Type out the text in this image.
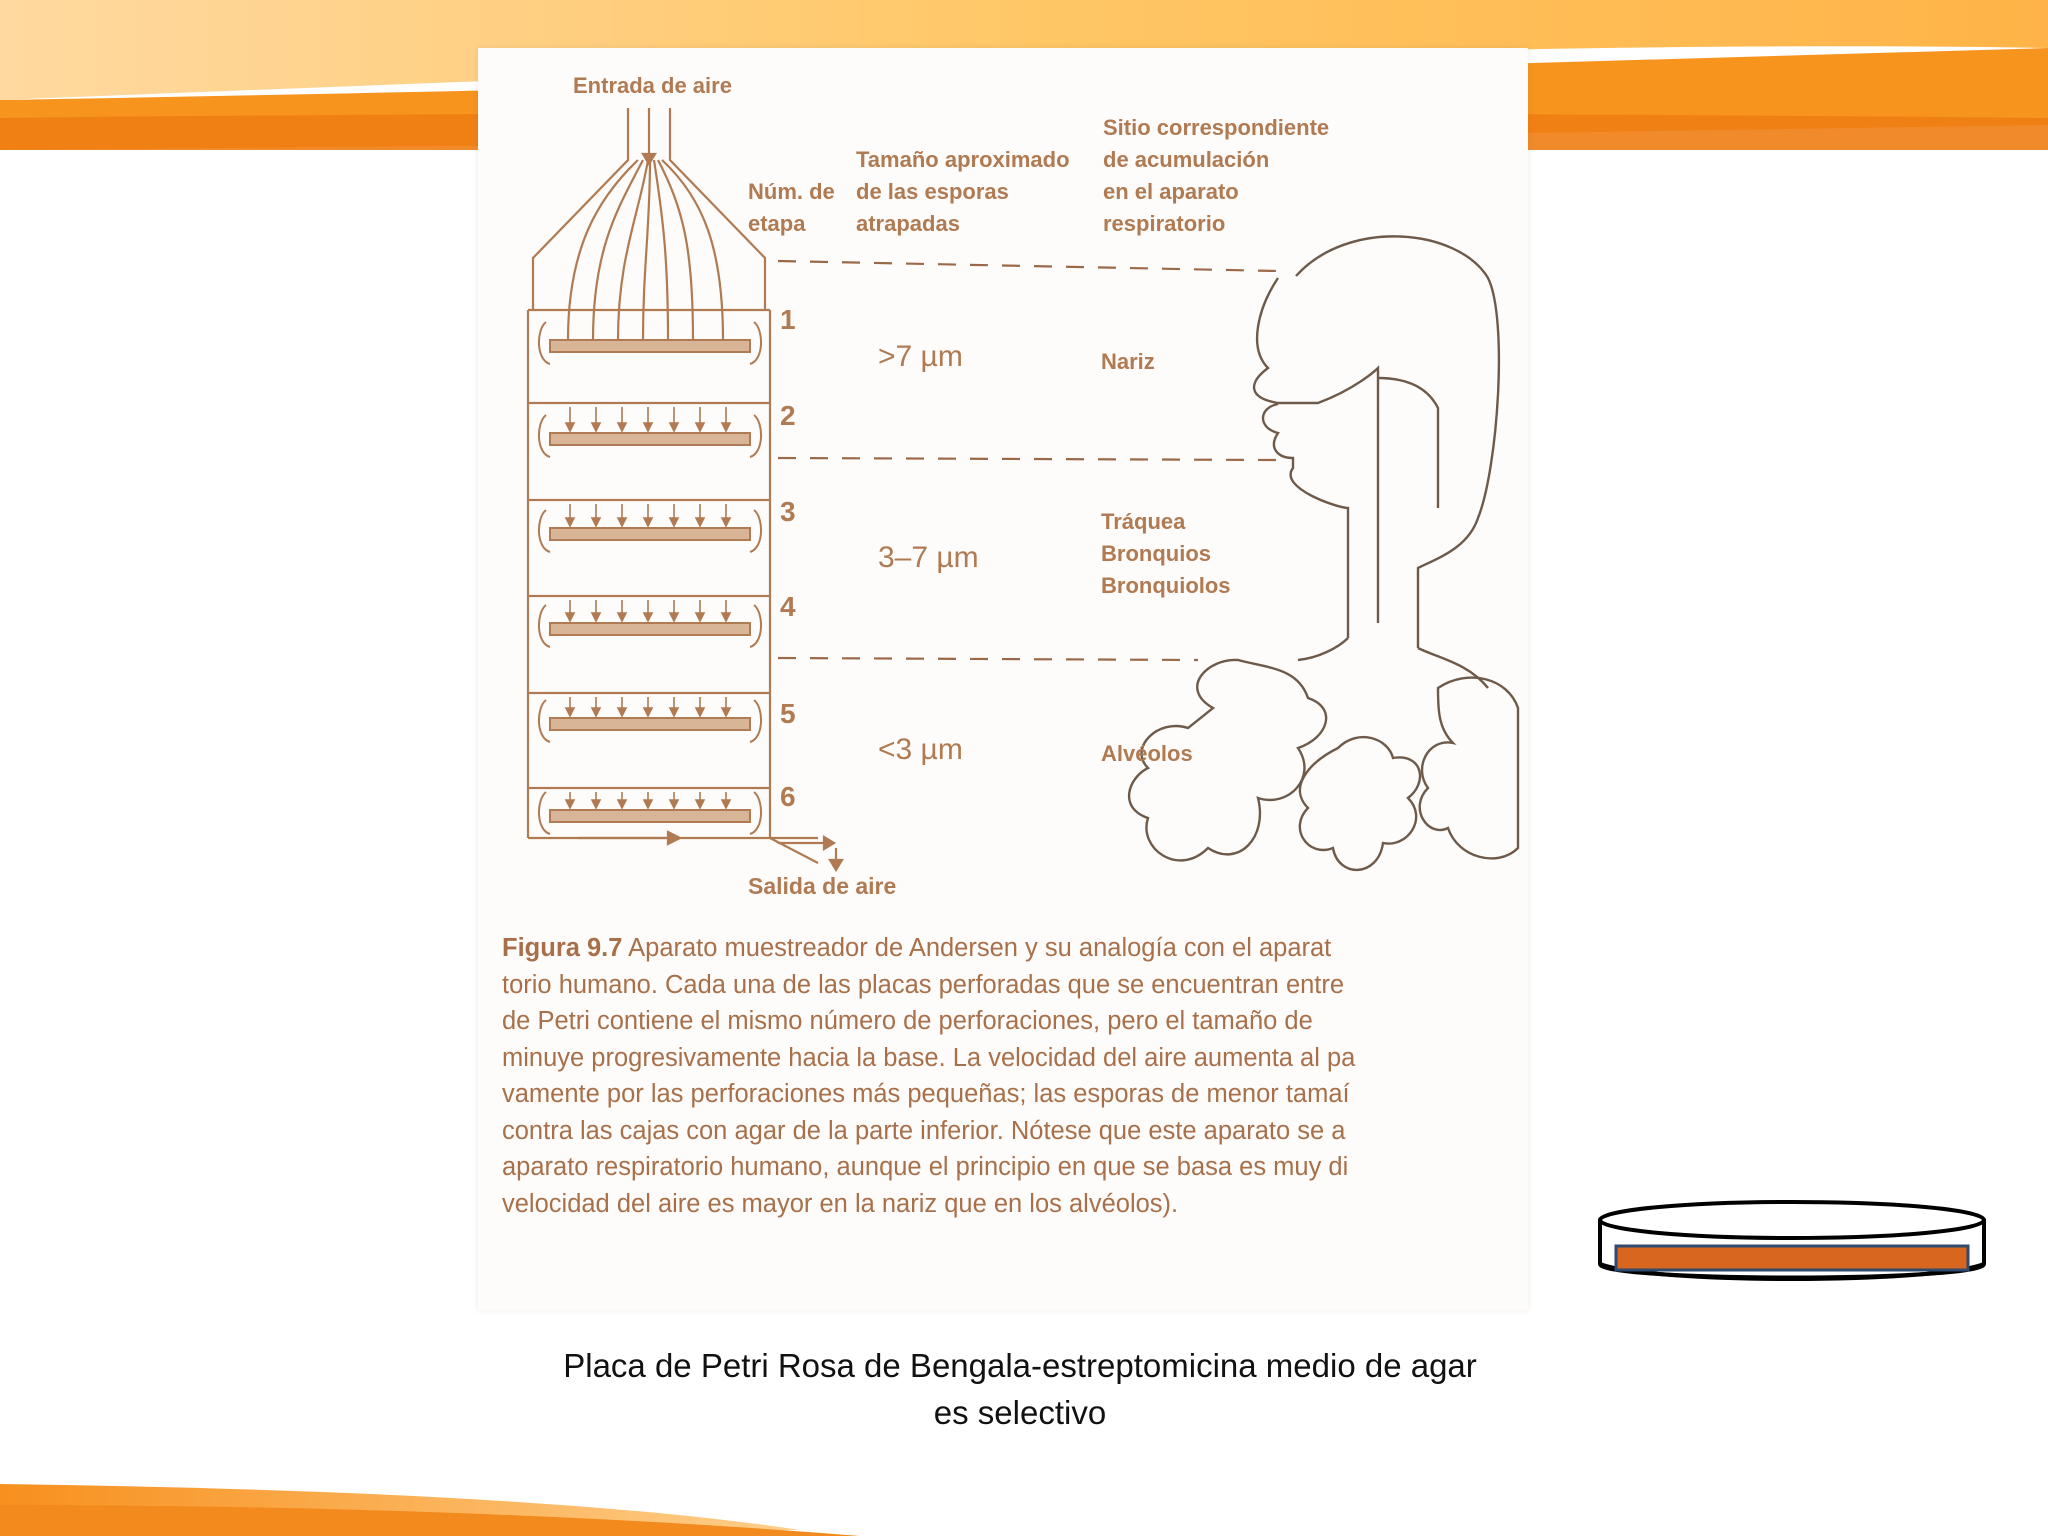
Entrada de aire
Salida de aire
Núm. de
etapa
Tamaño aproximado
de las esporas
atrapadas
Sitio correspondiente
de acumulación
en el aparato
respiratorio
1
2
3
4
5
6
>7 µm
3–7 µm
<3 µm
Nariz
Tráquea
Bronquios
Bronquiolos
Alvéolos
Figura 9.7 Aparato muestreador de Andersen y su analogía con el aparat
torio humano. Cada una de las placas perforadas que se encuentran entre
de Petri contiene el mismo número de perforaciones, pero el tamaño de
minuye progresivamente hacia la base. La velocidad del aire aumenta al pa
vamente por las perforaciones más pequeñas; las esporas de menor tamaí
contra las cajas con agar de la parte inferior. Nótese que este aparato se a
aparato respiratorio humano, aunque el principio en que se basa es muy di
velocidad del aire es mayor en la nariz que en los alvéolos).
Placa de Petri Rosa de Bengala-estreptomicina medio de agar
es selectivo
